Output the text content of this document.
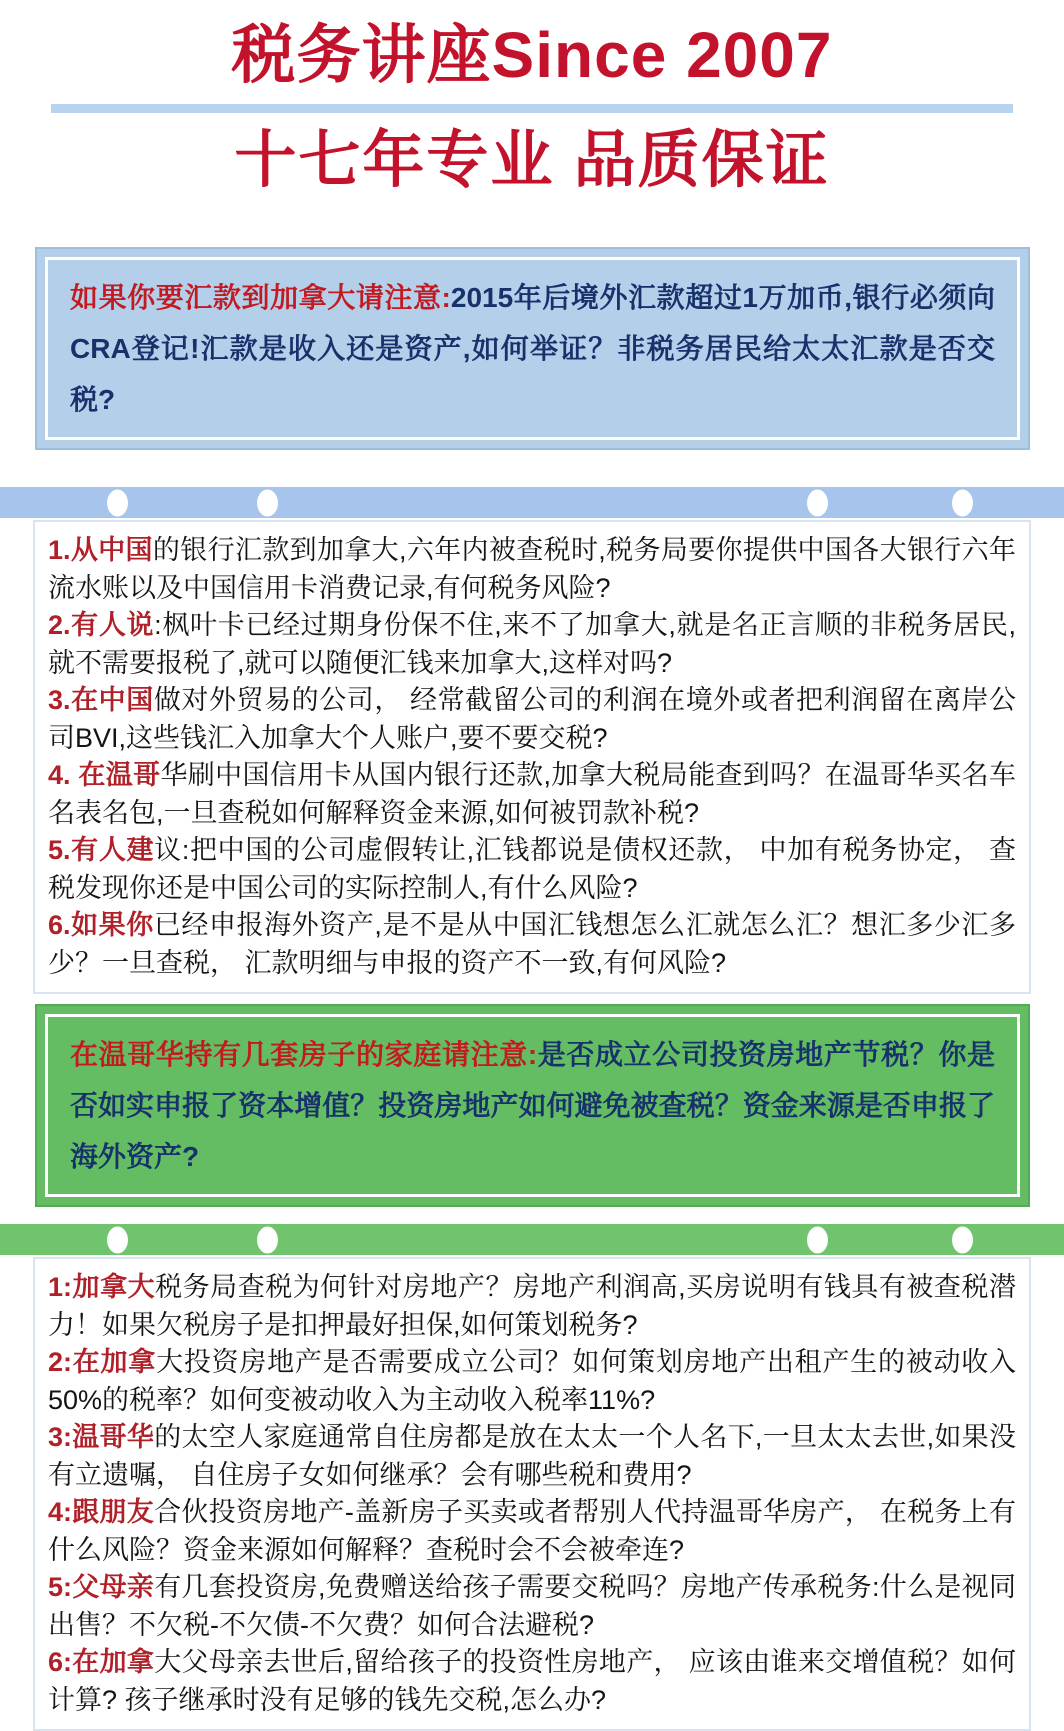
税务讲座Since 2007
十七年专业 品质保证
如果你要汇款到加拿大请注意:2015年后境外汇款超过1万加币,银行必须向CRA登记!汇款是收入还是资产,如何举证？非税务居民给太太汇款是否交税?

1.从中国的银行汇款到加拿大,六年内被查税时,税务局要你提供中国各大银行六年流水账以及中国信用卡消费记录,有何税务风险?

2.有人说:枫叶卡已经过期身份保不住,来不了加拿大,就是名正言顺的非税务居民,就不需要报税了,就可以随便汇钱来加拿大,这样对吗?

3.在中国做对外贸易的公司， 经常截留公司的利润在境外或者把利润留在离岸公司BVI,这些钱汇入加拿大个人账户,要不要交税?

4. 在温哥华刷中国信用卡从国内银行还款,加拿大税局能查到吗？在温哥华买名车名表名包,一旦查税如何解释资金来源,如何被罚款补税?

5.有人建议:把中国的公司虚假转让,汇钱都说是债权还款， 中加有税务协定， 查税发现你还是中国公司的实际控制人,有什么风险?

6.如果你已经申报海外资产,是不是从中国汇钱想怎么汇就怎么汇？想汇多少汇多少？一旦查税， 汇款明细与申报的资产不一致,有何风险?

在温哥华持有几套房子的家庭请注意:是否成立公司投资房地产节税？你是否如实申报了资本增值？投资房地产如何避免被查税？资金来源是否申报了海外资产?

1:加拿大税务局查税为何针对房地产？房地产利润高,买房说明有钱具有被查税潜力！如果欠税房子是扣押最好担保,如何策划税务?

2:在加拿大投资房地产是否需要成立公司？如何策划房地产出租产生的被动收入50%的税率？如何变被动收入为主动收入税率11%?

3:温哥华的太空人家庭通常自住房都是放在太太一个人名下,一旦太太去世,如果没有立遗嘱， 自住房子女如何继承？会有哪些税和费用?

4:跟朋友合伙投资房地产-盖新房子买卖或者帮别人代持温哥华房产， 在税务上有什么风险？资金来源如何解释？查税时会不会被牵连?

5:父母亲有几套投资房,免费赠送给孩子需要交税吗？房地产传承税务:什么是视同出售？不欠税-不欠债-不欠费？如何合法避税?

6:在加拿大父母亲去世后,留给孩子的投资性房地产， 应该由谁来交增值税？如何计算? 孩子继承时没有足够的钱先交税,怎么办?
